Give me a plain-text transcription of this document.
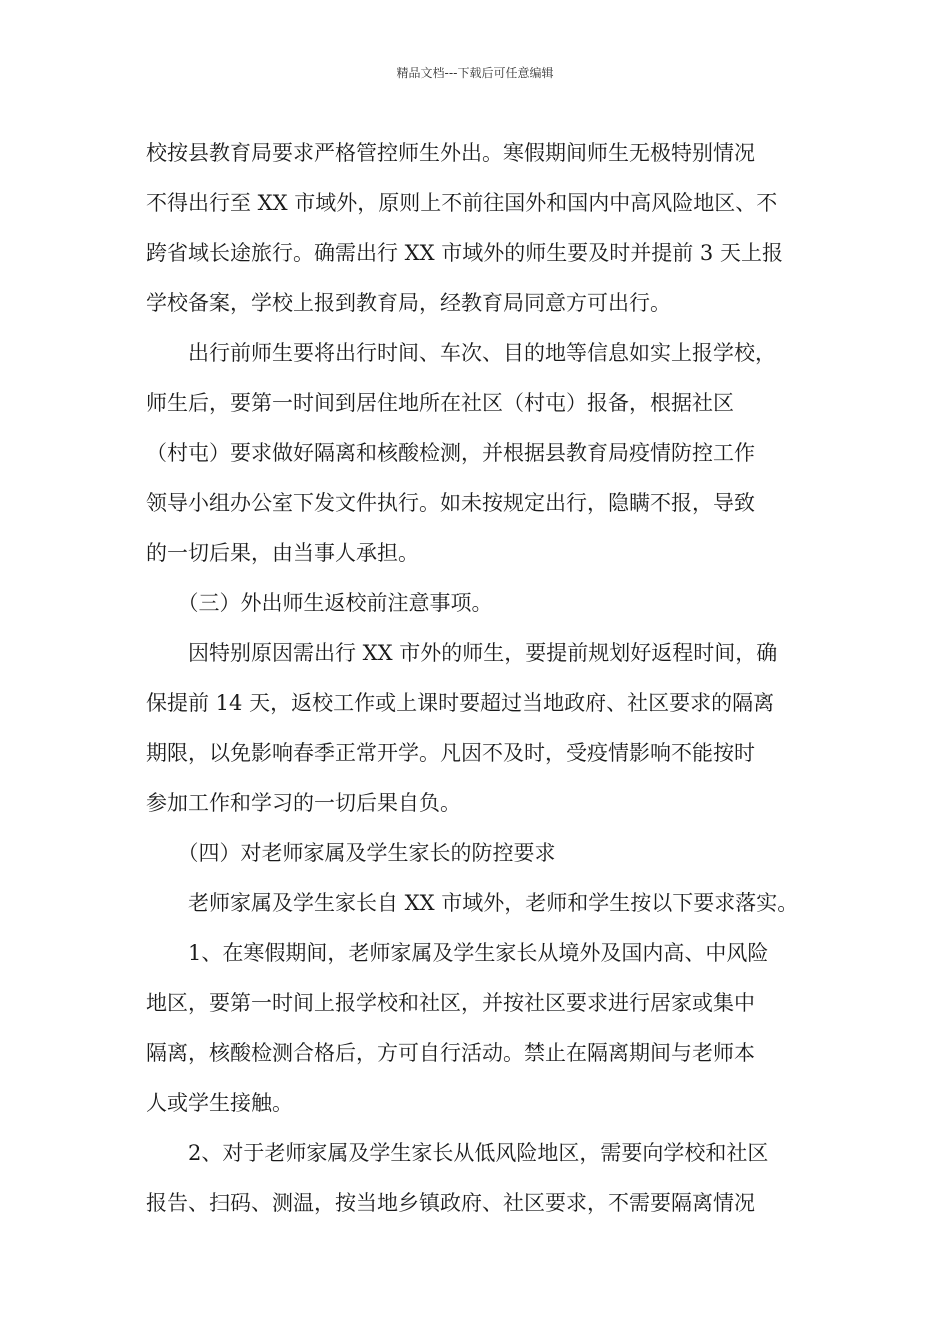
精品文档---下载后可任意编辑

校按县教育局要求严格管控师生外出。寒假期间师生无极特别情况
不得出行至 XX 市域外，原则上不前往国外和国内中高风险地区、不
跨省域长途旅行。确需出行 XX 市域外的师生要及时并提前 3 天上报
学校备案，学校上报到教育局，经教育局同意方可出行。

　　出行前师生要将出行时间、车次、目的地等信息如实上报学校，
师生后，要第一时间到居住地所在社区（村屯）报备，根据社区
（村屯）要求做好隔离和核酸检测，并根据县教育局疫情防控工作
领导小组办公室下发文件执行。如未按规定出行，隐瞒不报，导致
的一切后果，由当事人承担。

　　（三）外出师生返校前注意事项。

　　因特别原因需出行 XX 市外的师生，要提前规划好返程时间，确
保提前 14 天，返校工作或上课时要超过当地政府、社区要求的隔离
期限，以免影响春季正常开学。凡因不及时，受疫情影响不能按时
参加工作和学习的一切后果自负。

　　（四）对老师家属及学生家长的防控要求

　　老师家属及学生家长自 XX 市域外，老师和学生按以下要求落实。

　　1、在寒假期间，老师家属及学生家长从境外及国内高、中风险
地区，要第一时间上报学校和社区，并按社区要求进行居家或集中
隔离，核酸检测合格后，方可自行活动。禁止在隔离期间与老师本
人或学生接触。

　　2、对于老师家属及学生家长从低风险地区，需要向学校和社区
报告、扫码、测温，按当地乡镇政府、社区要求，不需要隔离情况
